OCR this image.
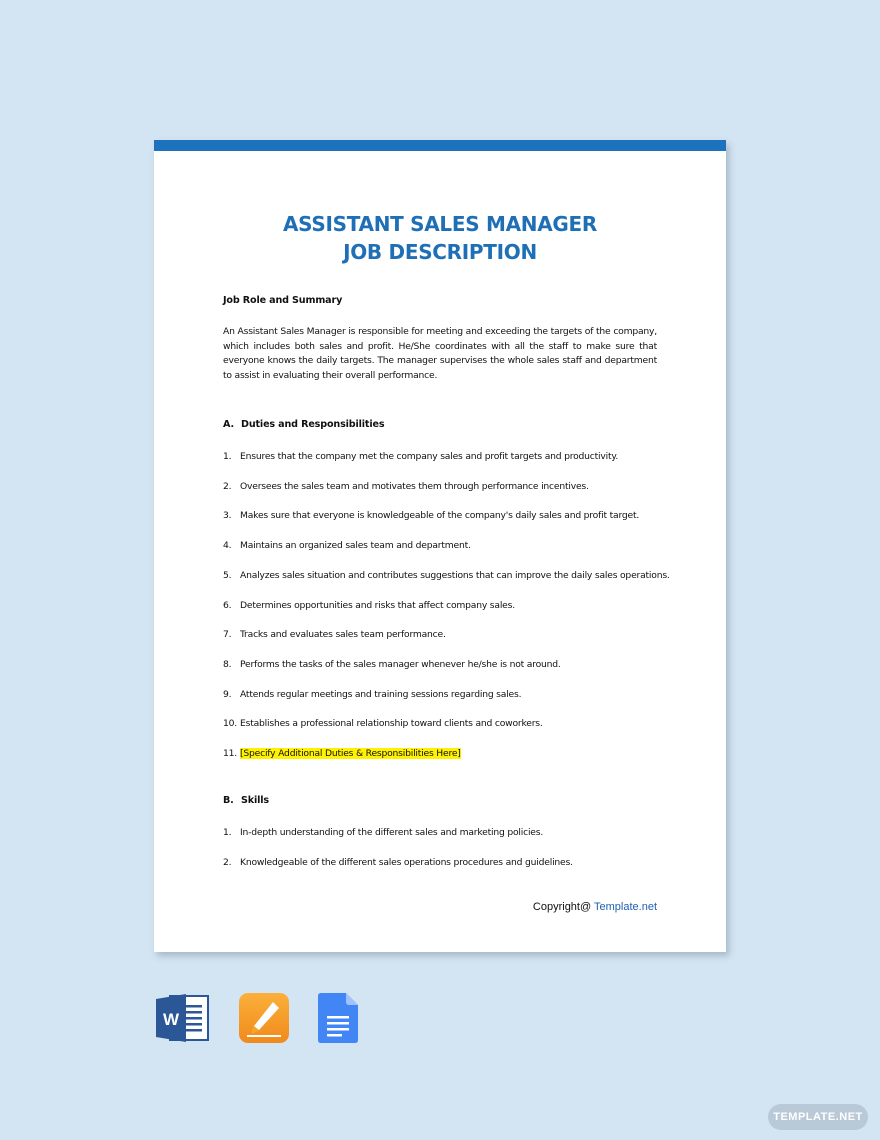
ASSISTANT SALES MANAGER
JOB DESCRIPTION
Job Role and Summary
An Assistant Sales Manager is responsible for meeting and exceeding the targets of the company, which includes both sales and profit. He/She coordinates with all the staff to make sure that everyone knows the daily targets. The manager supervises the whole sales staff and department to assist in evaluating their overall performance.
A. Duties and Responsibilities
1. Ensures that the company met the company sales and profit targets and productivity.
2. Oversees the sales team and motivates them through performance incentives.
3. Makes sure that everyone is knowledgeable of the company's daily sales and profit target.
4. Maintains an organized sales team and department.
5. Analyzes sales situation and contributes suggestions that can improve the daily sales operations.
6. Determines opportunities and risks that affect company sales.
7. Tracks and evaluates sales team performance.
8. Performs the tasks of the sales manager whenever he/she is not around.
9. Attends regular meetings and training sessions regarding sales.
10. Establishes a professional relationship toward clients and coworkers.
11. [Specify Additional Duties & Responsibilities Here]
B. Skills
1. In-depth understanding of the different sales and marketing policies.
2. Knowledgeable of the different sales operations procedures and guidelines.
Copyright@ Template.net
W
TEMPLATE.NET
